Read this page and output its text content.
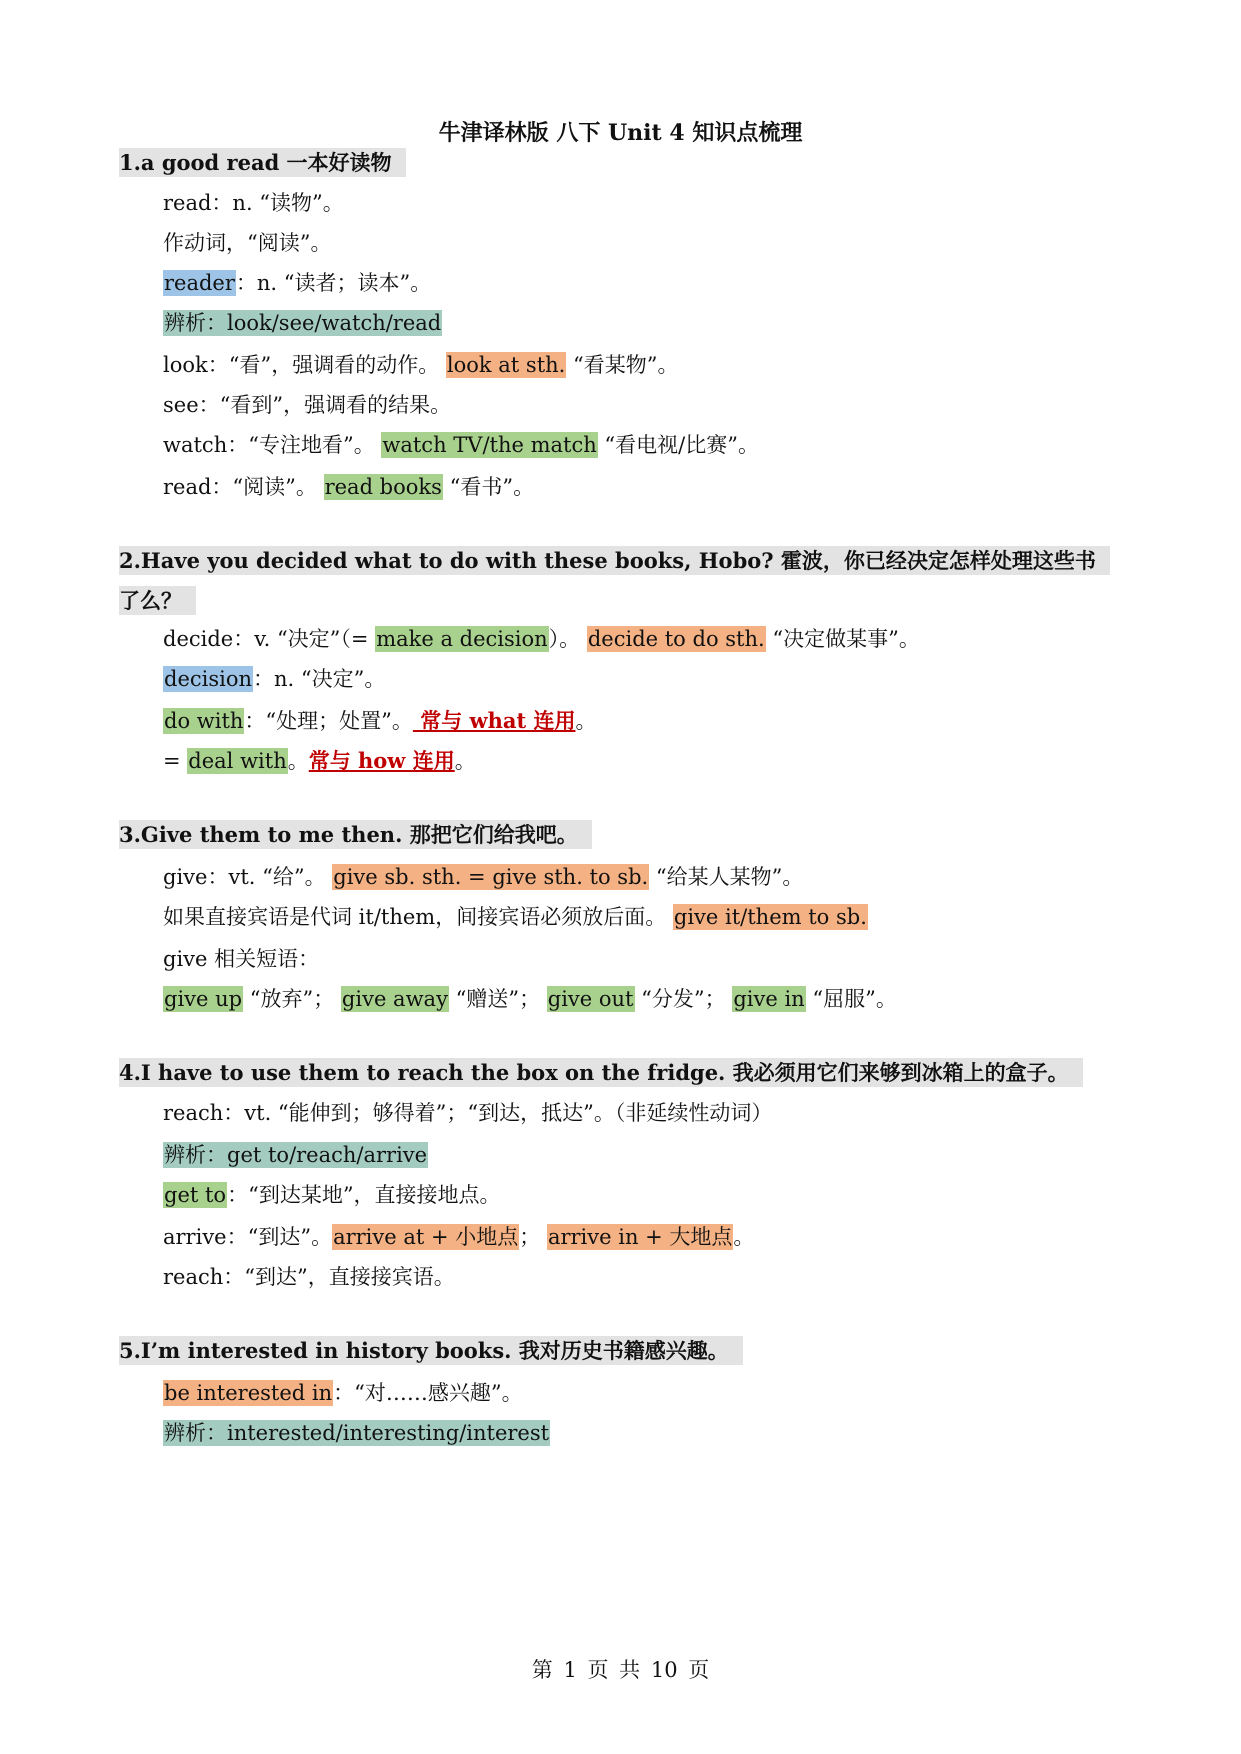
牛津译林版 八下 Unit 4 知识点梳理
1.a good read 一本好读物
read：n. “读物”。
作动词，“阅读”。
reader：n. “读者；读本”。
辨析：look/see/watch/read
look：“看”，强调看的动作。 look at sth. “看某物”。
see：“看到”，强调看的结果。
watch：“专注地看”。 watch TV/the match “看电视/比赛”。
read：“阅读”。 read books “看书”。
2.Have you decided what to do with these books, Hobo? 霍波，你已经决定怎样处理这些书
了么？
decide：v. “决定”（= make a decision）。 decide to do sth. “决定做某事”。
decision：n. “决定”。
do with：“处理；处置”。 常与 what 连用。
= deal with。常与 how 连用。
3.Give them to me then. 那把它们给我吧。
give：vt. “给”。 give sb. sth. = give sth. to sb. “给某人某物”。
如果直接宾语是代词 it/them，间接宾语必须放后面。 give it/them to sb.
give 相关短语：
give up “放弃”； give away “赠送”； give out “分发”； give in “屈服”。
4.I have to use them to reach the box on the fridge. 我必须用它们来够到冰箱上的盒子。
reach：vt. “能伸到；够得着”；“到达，抵达”。（非延续性动词）
辨析：get to/reach/arrive
get to：“到达某地”，直接接地点。
arrive：“到达”。arrive at + 小地点； arrive in + 大地点。
reach：“到达”，直接接宾语。
5.I’m interested in history books. 我对历史书籍感兴趣。
be interested in：“对……感兴趣”。
辨析：interested/interesting/interest
第 1 页 共 10 页
